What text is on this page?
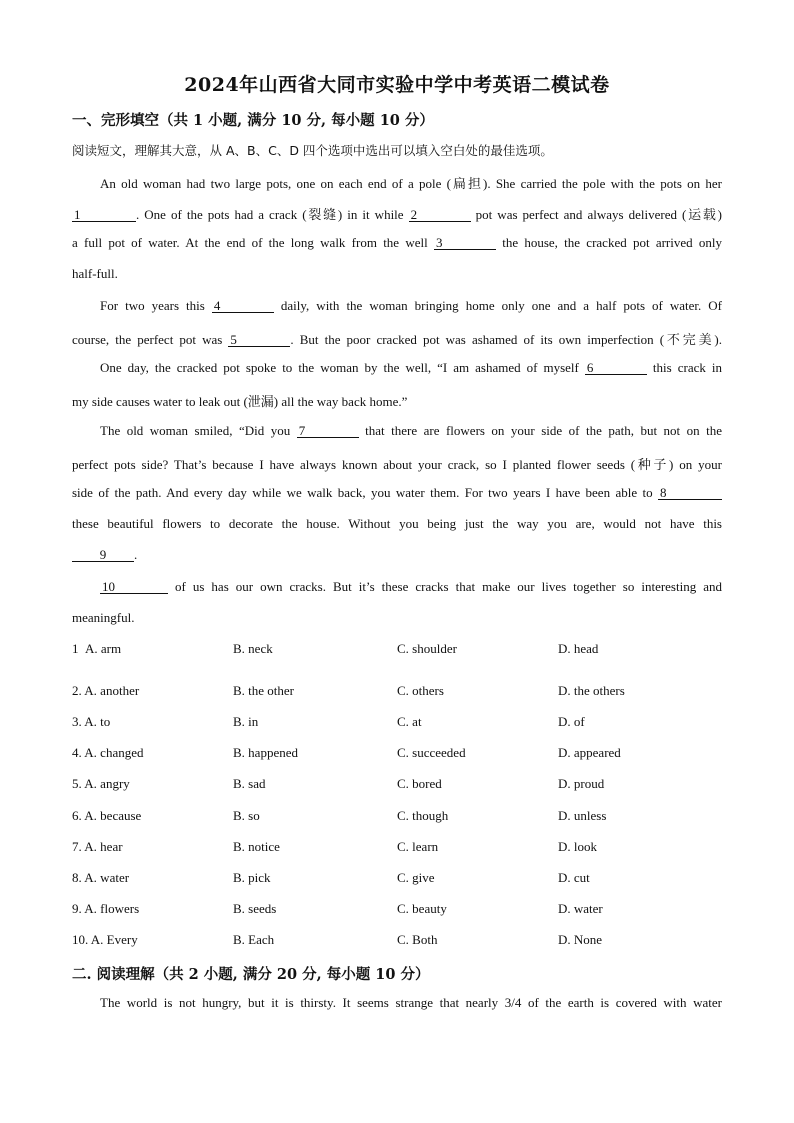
2024年山西省大同市实验中学中考英语二模试卷
一、完形填空（共 1 小题, 满分 10 分, 每小题 10 分）
阅读短文，理解其大意，从 A、B、C、D 四个选项中选出可以填入空白处的最佳选项。
An old woman had two large pots, one on each end of a pole (扁担). She carried the pole with the pots on her
1	. One of the pots had a crack (裂缝) in it while 2	pot was perfect and always delivered (运载)
a full pot of water. At the end of the long walk from the well 3	the house, the cracked pot arrived only
half-full.
For two years this 4	daily, with the woman bringing home only one and a half pots of water. Of
course, the perfect pot was 5	. But the poor cracked pot was ashamed of its own imperfection (不完美).
One day, the cracked pot spoke to the woman by the well, “I am ashamed of myself 6	this crack in
my side causes water to leak out (泄漏) all the way back home.”
The old woman smiled, “Did you 7	that there are flowers on your side of the path, but not on the
perfect pots side? That’s because I have always known about your crack, so I planted flower seeds (种子) on your
side of the path. And every day while we walk back, you water them. For two years I have been able to 8
these beautiful flowers to decorate the house. Without you being just the way you are, would not have this
9 .
10	of us has our own cracks. But it’s these cracks that make our lives together so interesting and
meaningful.
1 A. arm	B. neck	C. shoulder	D. head
2. A. another	B. the other	C. others	D. the others
3. A. to	B. in	C. at	D. of
4. A. changed	B. happened	C. succeeded	D. appeared
5. A. angry	B. sad	C. bored	D. proud
6. A. because	B. so	C. though	D. unless
7. A. hear	B. notice	C. learn	D. look
8. A. water	B. pick	C. give	D. cut
9. A. flowers	B. seeds	C. beauty	D. water
10. A. Every	B. Each	C. Both	D. None
二. 阅读理解（共 2 小题, 满分 20 分, 每小题 10 分）
The world is not hungry, but it is thirsty. It seems strange that nearly 3/4 of the earth is covered with water
